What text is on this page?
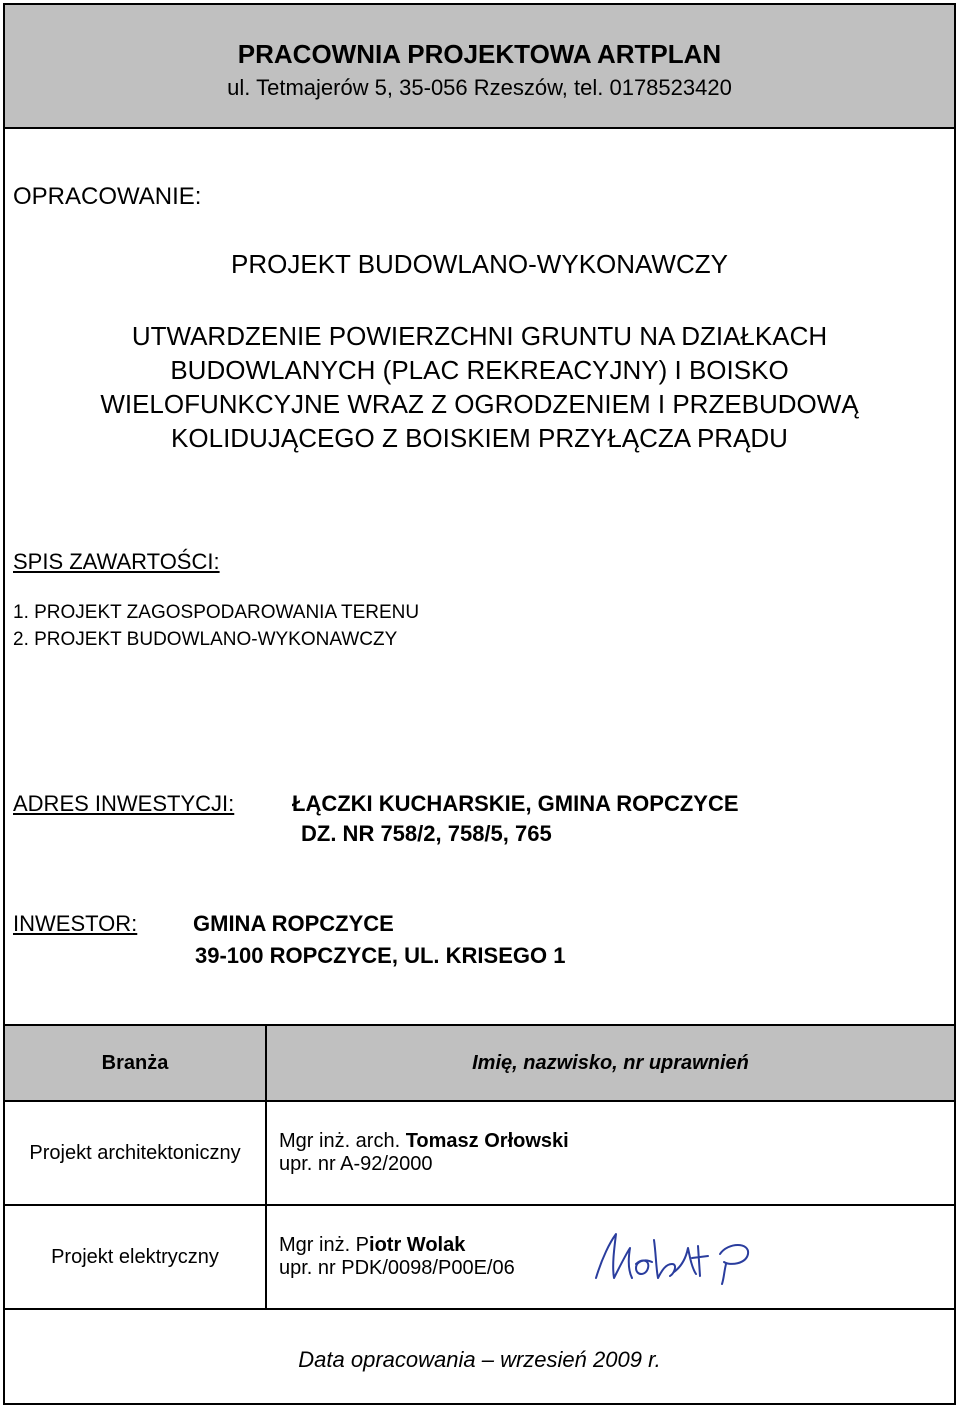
PRACOWNIA PROJEKTOWA ARTPLAN
ul. Tetmajerów 5, 35-056 Rzeszów, tel. 0178523420
OPRACOWANIE:
PROJEKT BUDOWLANO-WYKONAWCZY
UTWARDZENIE POWIERZCHNI GRUNTU NA DZIAŁKACH
BUDOWLANYCH (PLAC REKREACYJNY) I BOISKO
WIELOFUNKCYJNE WRAZ Z OGRODZENIEM I PRZEBUDOWĄ
KOLIDUJĄCEGO Z BOISKIEM PRZYŁĄCZA PRĄDU
SPIS ZAWARTOŚCI:
1. PROJEKT ZAGOSPODAROWANIA TERENU
2. PROJEKT BUDOWLANO-WYKONAWCZY
ADRES INWESTYCJI:	ŁĄCZKI KUCHARSKIE, GMINA ROPCZYCE
DZ. NR 758/2, 758/5, 765
INWESTOR:	GMINA ROPCZYCE
39-100 ROPCZYCE, UL. KRISEGO 1
Branża	Imię, nazwisko, nr uprawnień
Projekt architektoniczny	Mgr inż. arch. Tomasz Orłowski
upr. nr A-92/2000

Projekt elektryczny	Mgr inż. Piotr Wolak
upr. nr PDK/0098/P00E/06

Data opracowania – wrzesień 2009 r.	
